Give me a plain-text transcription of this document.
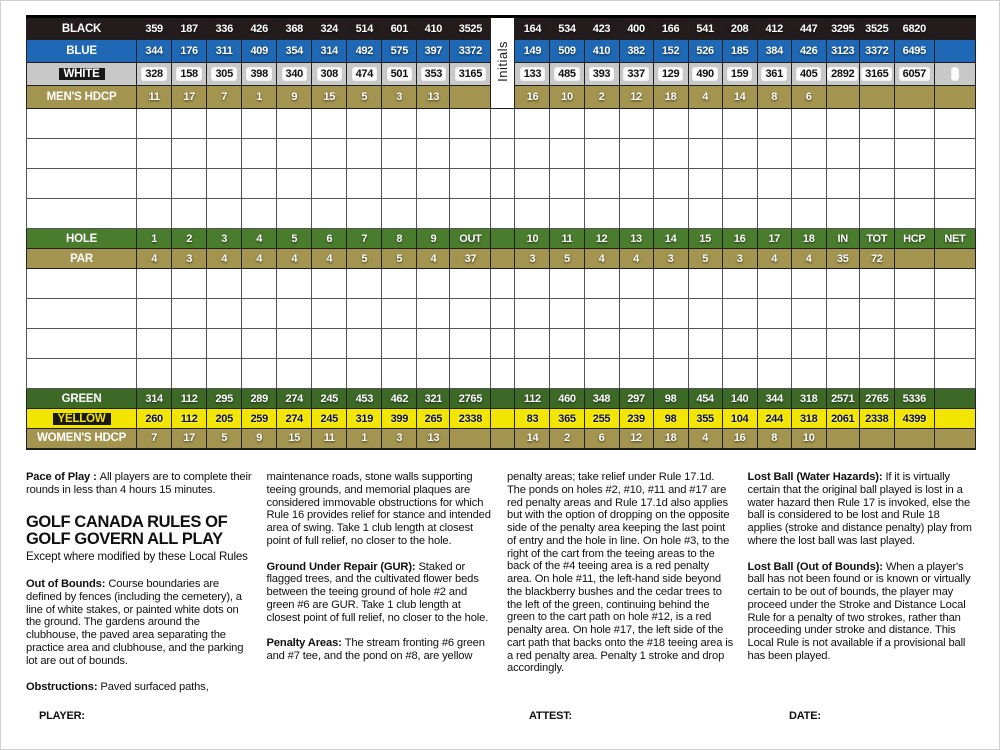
BLACK	359	187	336	426	368	324	514	601	410	3525	Initials	164	534	423	400	166	541	208	412	447	3295	3525	6820	
BLUE	344	176	311	409	354	314	492	575	397	3372		149	509	410	382	152	526	185	384	426	3123	3372	6495	
WHITE	328	158	305	398	340	308	474	501	353	3165		133	485	393	337	129	490	159	361	405	2892	3165	6057	
MEN'S HDCP	11	17	7	1	9	15	5	3	13			16	10	2	12	18	4	14	8	6				

HOLE	1	2	3	4	5	6	7	8	9	OUT		10	11	12	13	14	15	16	17	18	IN	TOT	HCP	NET
PAR	4	3	4	4	4	4	5	5	4	37		3	5	4	4	3	5	3	4	4	35	72		

GREEN	314	112	295	289	274	245	453	462	321	2765		112	460	348	297	98	454	140	344	318	2571	2765	5336	
YELLOW	260	112	205	259	274	245	319	399	265	2338		83	365	255	239	98	355	104	244	318	2061	2338	4399	
WOMEN'S HDCP	7	17	5	9	15	11	1	3	13			14	2	6	12	18	4	16	8	10				

Pace of Play : All players are to complete their rounds in less than 4 hours 15 minutes.

GOLF CANADA RULES OF GOLF GOVERN ALL PLAY

Except where modified by these Local Rules

Out of Bounds: Course boundaries are defined by fences (including the cemetery), a line of white stakes, or painted white dots on the ground. The gardens around the clubhouse, the paved area separating the practice area and clubhouse, and the parking lot are out of bounds.

Obstructions: Paved surfaced paths,

maintenance roads, stone walls supporting teeing grounds, and memorial plaques are considered immovable obstructions for which Rule 16 provides relief for stance and intended area of swing. Take 1 club length at closest point of full relief, no closer to the hole.

Ground Under Repair (GUR): Staked or flagged trees, and the cultivated flower beds between the teeing ground of hole #2 and green #6 are GUR. Take 1 club length at closest point of full relief, no closer to the hole.

Penalty Areas: The stream fronting #6 green and #7 tee, and the pond on #8, are yellow

penalty areas; take relief under Rule 17.1d. The ponds on holes #2, #10, #11 and #17 are red penalty areas and Rule 17.1d also applies but with the option of dropping on the opposite side of the penalty area keeping the last point of entry and the hole in line. On hole #3, to the right of the cart from the teeing areas to the back of the #4 teeing area is a red penalty area. On hole #11, the left-hand side beyond the blackberry bushes and the cedar trees to the left of the green, continuing behind the green to the cart path on hole #12, is a red penalty area. On hole #17, the left side of the cart path that backs onto the #18 teeing area is a red penalty area. Penalty 1 stroke and drop accordingly.

Lost Ball (Water Hazards): If it is virtually certain that the original ball played is lost in a water hazard then Rule 17 is invoked, else the ball is considered to be lost and Rule 18 applies (stroke and distance penalty) play from where the lost ball was last played.

Lost Ball (Out of Bounds): When a player's ball has not been found or is known or virtually certain to be out of bounds, the player may proceed under the Stroke and Distance Local Rule for a penalty of two strokes, rather than proceeding under stroke and distance. This Local Rule is not available if a provisional ball has been played.

PLAYER:	ATTEST:	DATE:
